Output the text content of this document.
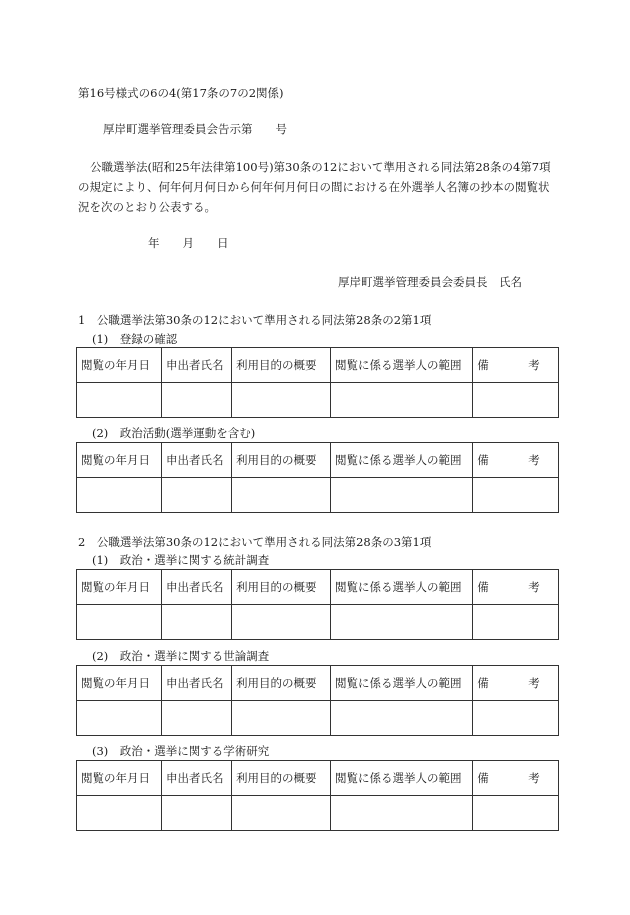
第16号様式の6の4(第17条の7の2関係)
厚岸町選挙管理委員会告示第　　号
公職選挙法(昭和25年法律第100号)第30条の12において準用される同法第28条の4第7項の規定により、何年何月何日から何年何月何日の間における在外選挙人名簿の抄本の閲覧状況を次のとおり公表する。
年　　月　　日
厚岸町選挙管理委員会委員長　氏名
1　公職選挙法第30条の12において準用される同法第28条の2第1項
(1)　登録の確認
閲覧の年月日	申出者氏名	利用目的の概要	閲覧に係る選挙人の範囲	備　考

(2)　政治活動(選挙運動を含む)
閲覧の年月日	申出者氏名	利用目的の概要	閲覧に係る選挙人の範囲	備　考

2　公職選挙法第30条の12において準用される同法第28条の3第1項
(1)　政治・選挙に関する統計調査
閲覧の年月日	申出者氏名	利用目的の概要	閲覧に係る選挙人の範囲	備　考

(2)　政治・選挙に関する世論調査
閲覧の年月日	申出者氏名	利用目的の概要	閲覧に係る選挙人の範囲	備　考

(3)　政治・選挙に関する学術研究
閲覧の年月日	申出者氏名	利用目的の概要	閲覧に係る選挙人の範囲	備　考
